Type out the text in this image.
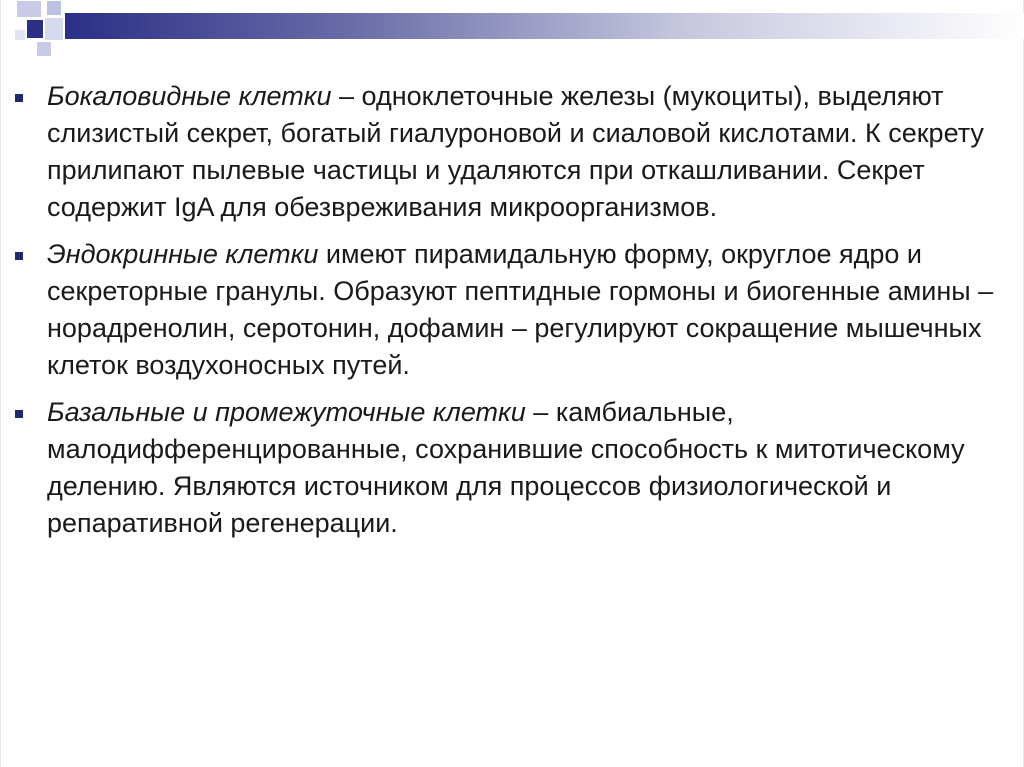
Бокаловидные клетки – одноклеточные железы (мукоциты), выделяют слизистый секрет, богатый гиалуроновой и сиаловой кислотами. К секрету прилипают пылевые частицы и удаляются при откашливании. Секрет содержит IgA для обезвреживания микроорганизмов.
Эндокринные клетки имеют пирамидальную форму, округлое ядро и секреторные гранулы. Образуют пептидные гормоны и биогенные амины – норадренолин, серотонин, дофамин – регулируют сокращение мышечных клеток воздухоносных путей.
Базальные и промежуточные клетки – камбиальные, малодифференцированные, сохранившие способность к митотическому делению. Являются источником для процессов физиологической и репаративной регенерации.
